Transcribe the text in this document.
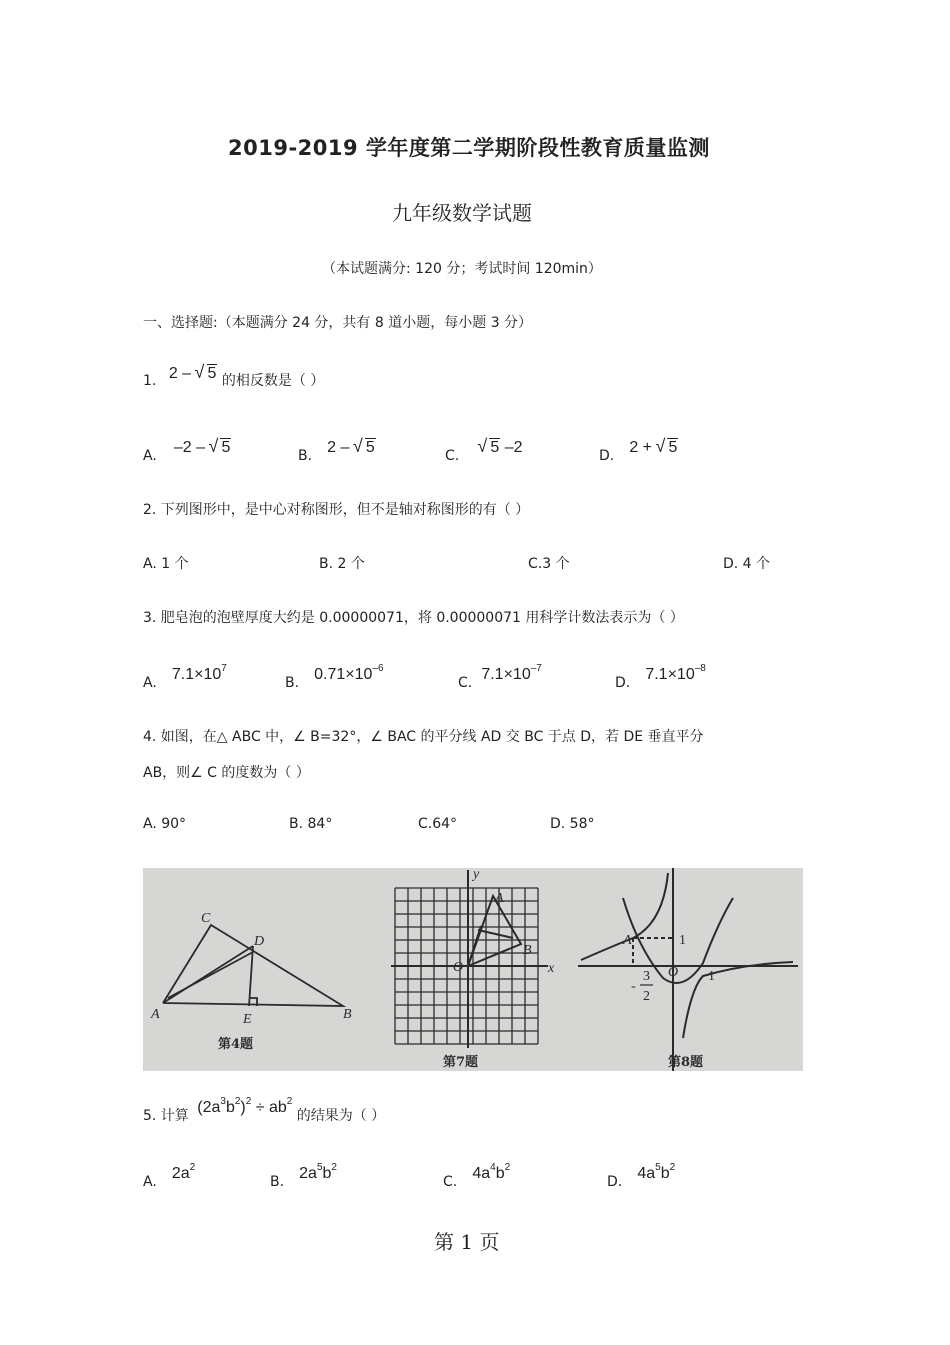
2019-2019 学年度第二学期阶段性教育质量监测
九年级数学试题
（本试题满分: 120 分；考试时间 120min）
一、选择题:（本题满分 24 分，共有 8 道小题，每小题 3 分）
1. 2 – √ 5 的相反数是（ ）
A. –2 – √ 5	B. 2 – √ 5	C. √ 5 –2	D. 2 + √ 5
2. 下列图形中，是中心对称图形，但不是轴对称图形的有（ ）
A. 1 个	B. 2 个	C.3 个	D. 4 个
3. 肥皂泡的泡壁厚度大约是 0.00000071，将 0.00000071 用科学计数法表示为（ ）
A. $7.1\times 10^7$
B. $0.71\times 10^{-6}$
C. $7.1\times 10^{-7}$
D. $7.1\times 10^{-8}$
4. 如图，在△ ABC 中，∠ B=32°，∠ BAC 的平分线 AD 交 BC 于点 D，若 DE 垂直平分
AB，则∠ C 的度数为（ ）
A. 90°	B. 84°	C.64°	D. 58°
C
D
A	E	B
第4题
y
A
B
O	x
第7题
A	1
3
2
-
O 1
第8题
5. 计算 $(2a^3b^2)^2 \div ab^2$ 的结果为（ ）
A. $2a^2$
B. $2a^5b^2$
C. $4a^4b^2$
D. $4a^5b^2$
第 1 页
